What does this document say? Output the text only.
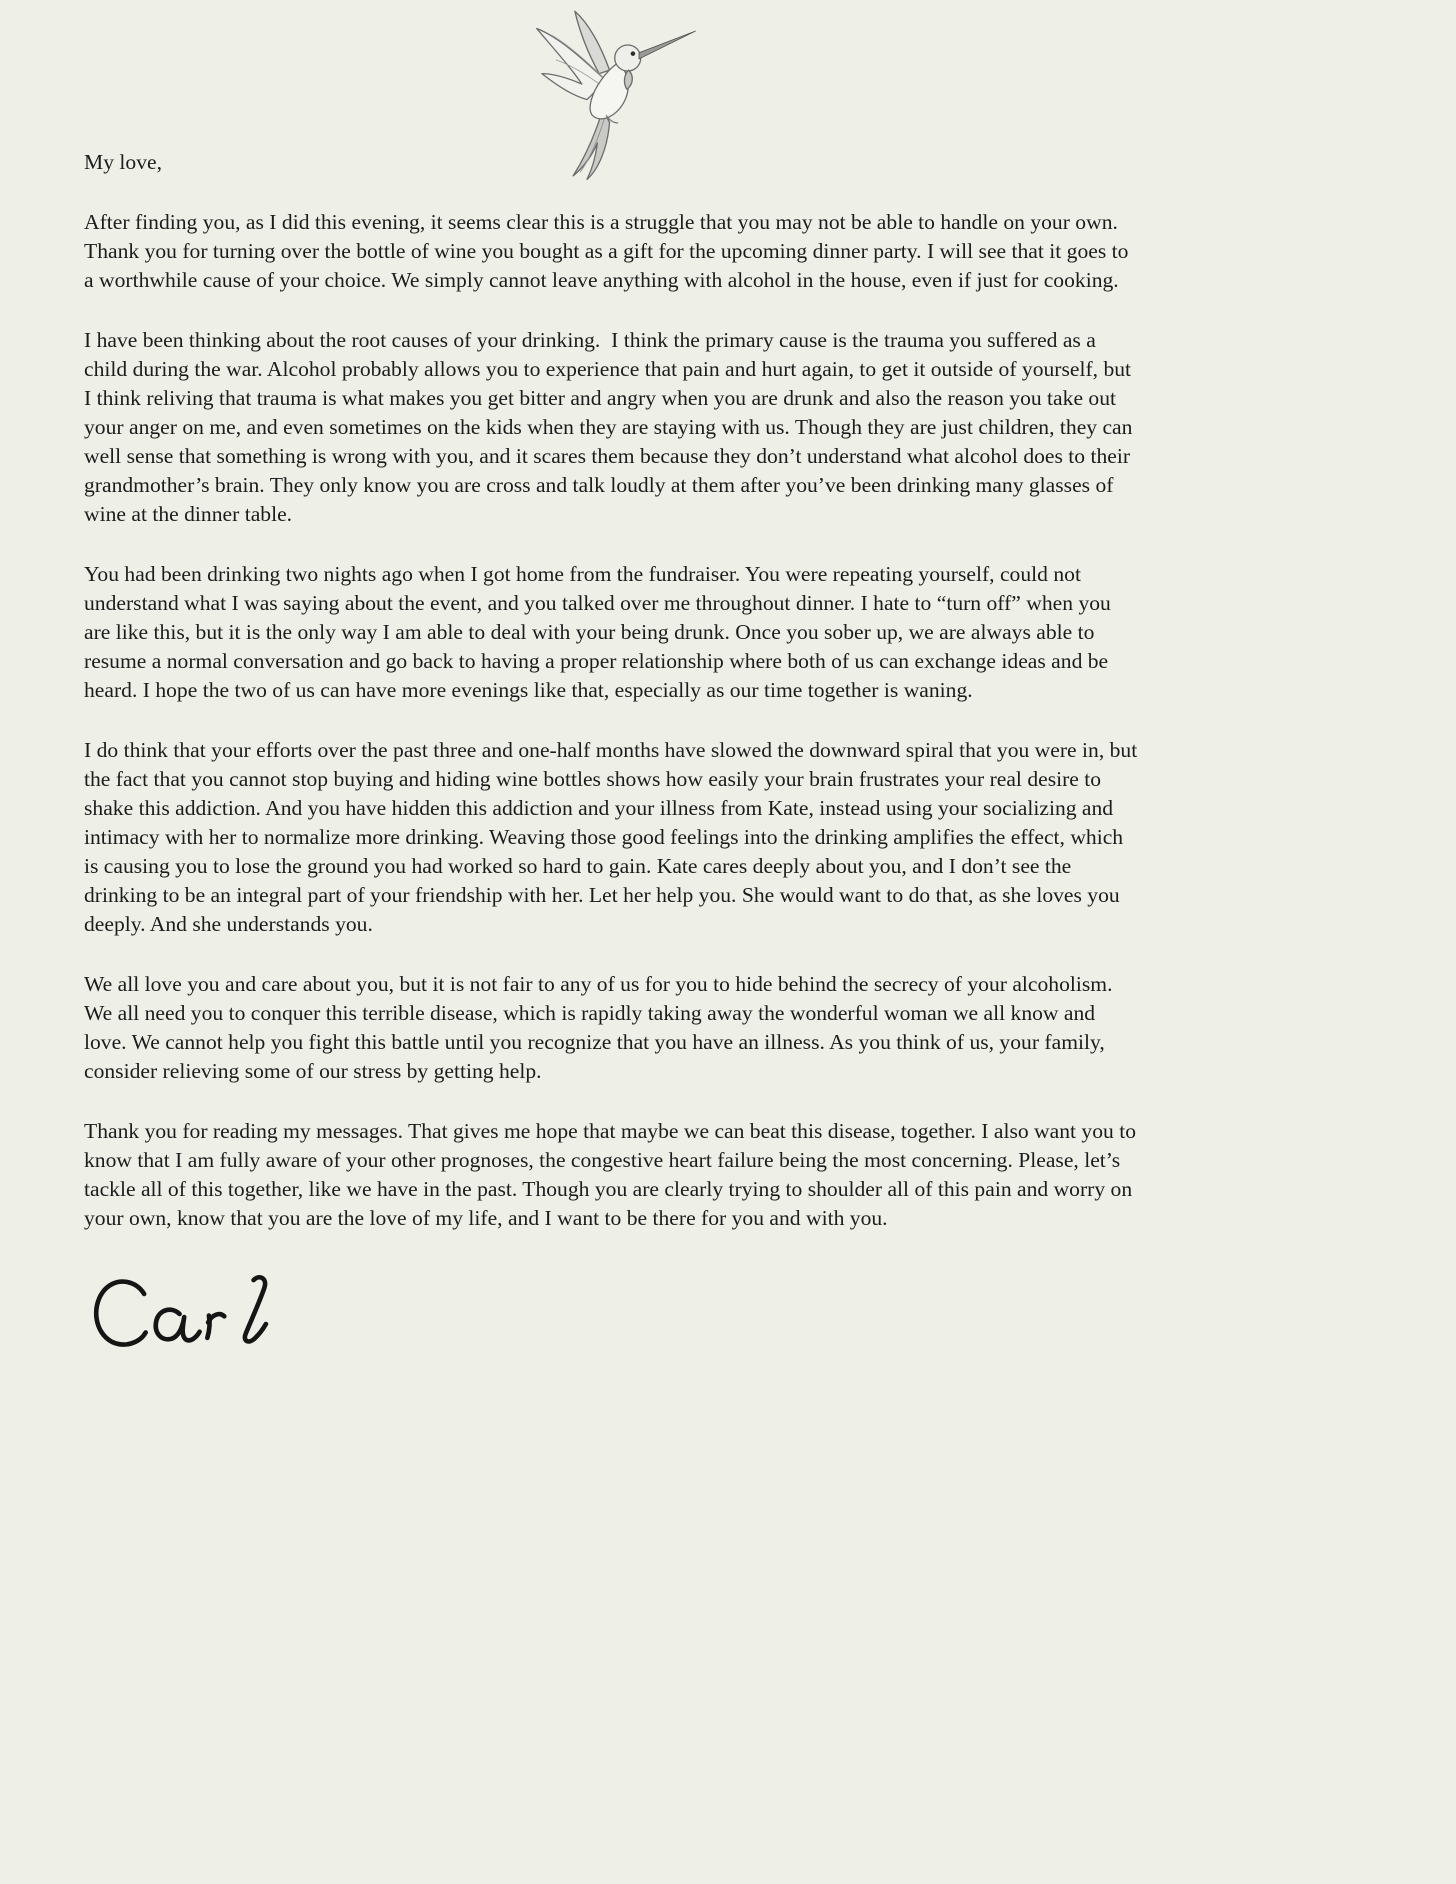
My love,

After finding you, as I did this evening, it seems clear this is a struggle that you may not be able to handle on your own. Thank you for turning over the bottle of wine you bought as a gift for the upcoming dinner party. I will see that it goes to a worthwhile cause of your choice. We simply cannot leave anything with alcohol in the house, even if just for cooking.

I have been thinking about the root causes of your drinking.  I think the primary cause is the trauma you suffered as a child during the war. Alcohol probably allows you to experience that pain and hurt again, to get it outside of yourself, but I think reliving that trauma is what makes you get bitter and angry when you are drunk and also the reason you take out your anger on me, and even sometimes on the kids when they are staying with us. Though they are just children, they can well sense that something is wrong with you, and it scares them because they don’t understand what alcohol does to their grandmother’s brain. They only know you are cross and talk loudly at them after you’ve been drinking many glasses of wine at the dinner table.

You had been drinking two nights ago when I got home from the fundraiser. You were repeating yourself, could not understand what I was saying about the event, and you talked over me throughout dinner. I hate to “turn off” when you are like this, but it is the only way I am able to deal with your being drunk. Once you sober up, we are always able to resume a normal conversation and go back to having a proper relationship where both of us can exchange ideas and be heard. I hope the two of us can have more evenings like that, especially as our time together is waning.

I do think that your efforts over the past three and one-half months have slowed the downward spiral that you were in, but the fact that you cannot stop buying and hiding wine bottles shows how easily your brain frustrates your real desire to shake this addiction. And you have hidden this addiction and your illness from Kate, instead using your socializing and intimacy with her to normalize more drinking. Weaving those good feelings into the drinking amplifies the effect, which is causing you to lose the ground you had worked so hard to gain. Kate cares deeply about you, and I don’t see the drinking to be an integral part of your friendship with her. Let her help you. She would want to do that, as she loves you deeply. And she understands you.

We all love you and care about you, but it is not fair to any of us for you to hide behind the secrecy of your alcoholism. We all need you to conquer this terrible disease, which is rapidly taking away the wonderful woman we all know and love. We cannot help you fight this battle until you recognize that you have an illness. As you think of us, your family, consider relieving some of our stress by getting help.

Thank you for reading my messages. That gives me hope that maybe we can beat this disease, together. I also want you to know that I am fully aware of your other prognoses, the congestive heart failure being the most concerning. Please, let’s tackle all of this together, like we have in the past. Though you are clearly trying to shoulder all of this pain and worry on your own, know that you are the love of my life, and I want to be there for you and with you.
